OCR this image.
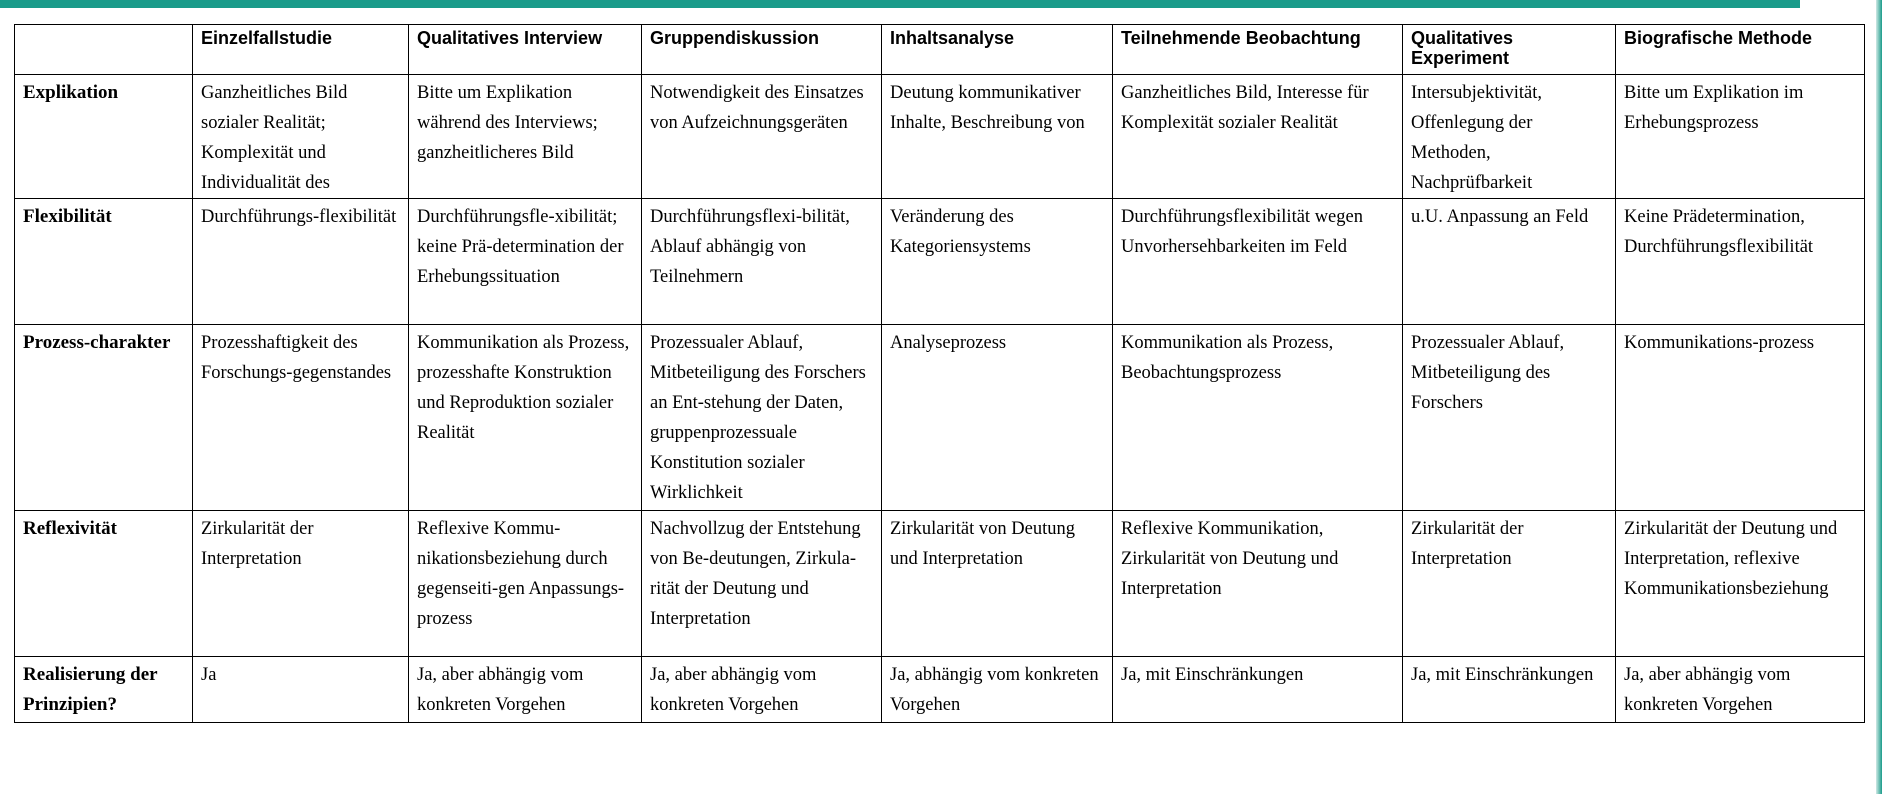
	Einzelfallstudie	Qualitatives Interview	Gruppendiskussion	Inhaltsanalyse	Teilnehmende Beobachtung	Qualitatives Experiment	Biografische Methode
Explikation	Ganzheitliches Bild sozialer Realität; Komplexität und Individualität des	Bitte um Explikation während des Interviews; ganzheitlicheres Bild	Notwendigkeit des Einsatzes von Aufzeichnungsgeräten	Deutung kommunikativer Inhalte, Beschreibung von	Ganzheitliches Bild, Interesse für Komplexität sozialer Realität	Intersubjektivität, Offenlegung der Methoden, Nachprüfbarkeit	Bitte um Explikation im Erhebungsprozess

Flexibilität	Durchführungs-flexibilität	Durchführungsfle-xibilität; keine Prä-determination der Erhebungssituation	Durchführungsflexi-bilität, Ablauf abhängig von Teilnehmern	Veränderung des Kategoriensystems	Durchführungsflexibilität wegen Unvorhersehbarkeiten im Feld	u.U. Anpassung an Feld	Keine Prädetermination, Durchführungsflexibilität
Prozess-charakter	Prozesshaftigkeit des Forschungs-gegenstandes	Kommunikation als Prozess, prozesshafte Konstruktion und Reproduktion sozialer Realität	Prozessualer Ablauf, Mitbeteiligung des Forschers an Ent-stehung der Daten, gruppenprozessuale Konstitution sozialer Wirklichkeit	Analyseprozess	Kommunikation als Prozess, Beobachtungsprozess	Prozessualer Ablauf, Mitbeteiligung des Forschers	Kommunikations-prozess
Reflexivität	Zirkularität der Interpretation	Reflexive Kommu-nikationsbeziehung durch gegenseiti-gen Anpassungs-prozess	Nachvollzug der Entstehung von Be-deutungen, Zirkula-rität der Deutung und Interpretation	Zirkularität von Deutung und Interpretation	Reflexive Kommunikation, Zirkularität von Deutung und Interpretation	Zirkularität der Interpretation	Zirkularität der Deutung und Interpretation, reflexive Kommunikationsbeziehung
Realisierung der Prinzipien?	Ja	Ja, aber abhängig vom konkreten Vorgehen	Ja, aber abhängig vom konkreten Vorgehen	Ja, abhängig vom konkreten Vorgehen	Ja, mit Einschränkungen	Ja, mit Einschränkungen	Ja, aber abhängig vom konkreten Vorgehen
